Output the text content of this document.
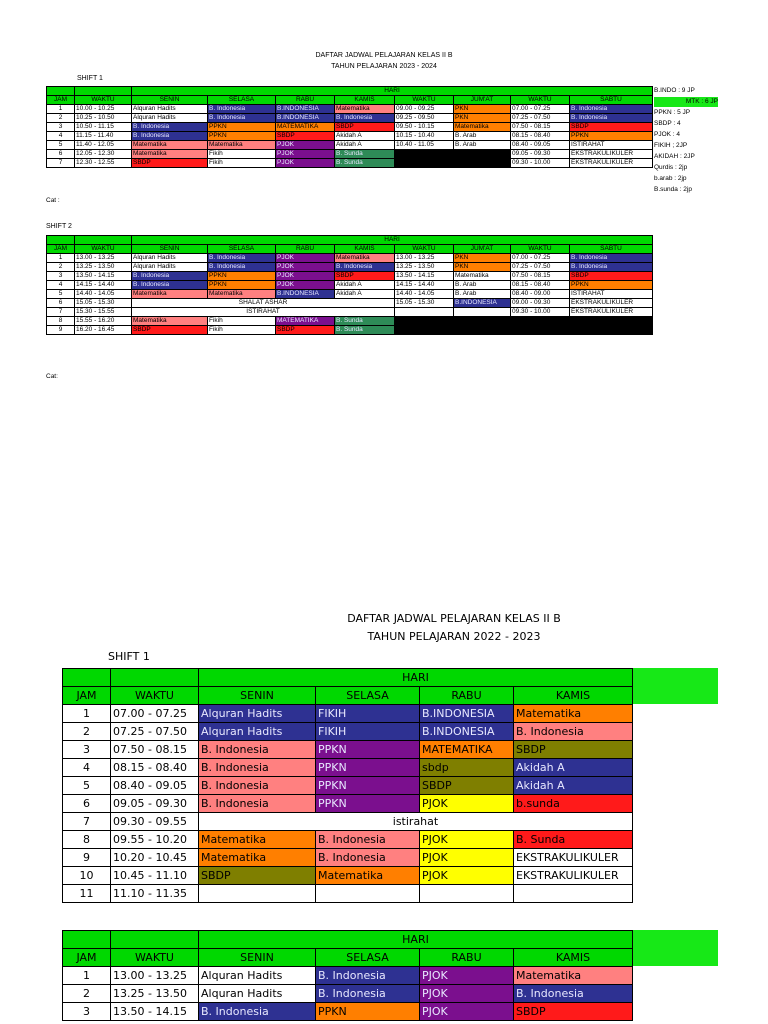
DAFTAR JADWAL PELAJARAN KELAS II B
TAHUN PELAJARAN 2023 - 2024
SHIFT 1
		HARI							
JAM	WAKTU	SENIN	SELASA	RABU	KAMIS	WAKTU	JUM'AT	WAKTU	SABTU
1	10.00 - 10.25	Alquran Hadits	B. Indonesia	B.INDONESIA	Matematika	09.00 - 09.25	PKN	07.00 - 07.25	B. Indonesia
2	10.25 - 10.50	Alquran Hadits	B. Indonesia	B.INDONESIA	B. Indonesia	09.25 - 09.50	PKN	07.25 - 07.50	B. Indonesia
3	10.50 - 11.15	B. Indonesia	PPKN	MATEMATIKA	SBDP	09.50 - 10.15	Matematika	07.50 - 08.15	SBDP
4	11.15 - 11.40	B. Indonesia	PPKN	SBDP	Akidah A	10.15 - 10.40	B. Arab	08.15 - 08.40	PPKN
5	11.40 - 12.05	Matematika	Matematika	PJOK	Akidah A	10.40 - 11.05	B. Arab	08.40 - 09.05	ISTIRAHAT
6	12.05 - 12.30	Matematika	Fikih	PJOK	B. Sunda			09.05 - 09.30	EKSTRAKULIKULER
7	12.30 - 12.55	SBDP	Fikih	PJOK	B. Sunda			09.30 - 10.00	EKSTRAKULIKULER
Cat :
B.INDO : 9 JP
MTK : 6 JP
PPKN : 5 JP
SBDP : 4
PJOK : 4
FIKIH ; 2JP
AKIDAH : 2JP
Qurdis : 2jp
b.arab : 2jp
B.sunda : 2jp
SHIFT 2
		HARI							
JAM	WAKTU	SENIN	SELASA	RABU	KAMIS	WAKTU	JUM'AT	WAKTU	SABTU
1	13.00 - 13.25	Alquran Hadits	B. Indonesia	PJOK	Matematika	13.00 - 13.25	PKN	07.00 - 07.25	B. Indonesia
2	13.25 - 13.50	Alquran Hadits	B. Indonesia	PJOK	B. Indonesia	13.25 - 13.50	PKN	07.25 - 07.50	B. Indonesia
3	13.50 - 14.15	B. Indonesia	PPKN	PJOK	SBDP	13.50 - 14.15	Matematika	07.50 - 08.15	SBDP
4	14.15 - 14.40	B. Indonesia	PPKN	PJOK	Akidah A	14.15 - 14.40	B. Arab	08.15 - 08.40	PPKN
5	14.40 - 14.05	Matematika	Matematika	B.INDONESIA	Akidah A	14.40 - 14.05	B. Arab	08.40 - 09.00	ISTIRAHAT
6	15.05 - 15.30	SHALAT ASHAR				15.05 - 15.30	B.INDONESIA	09.00 - 09.30	EKSTRAKULIKULER
7	15.30 - 15.55	ISTIRAHAT						09.30 - 10.00	EKSTRAKULIKULER
8	15.55 - 16.20	Matematika	Fikih	MATEMATIKA	B. Sunda				
9	16.20 - 16.45	SBDP	Fikih	SBDP	B. Sunda				
Cat:
DAFTAR JADWAL PELAJARAN KELAS II B
TAHUN PELAJARAN 2022 - 2023
SHIFT 1
		HARI			
JAM	WAKTU	SENIN	SELASA	RABU	KAMIS
1	07.00 - 07.25	Alquran Hadits	FIKIH	B.INDONESIA	Matematika
2	07.25 - 07.50	Alquran Hadits	FIKIH	B.INDONESIA	B. Indonesia
3	07.50 - 08.15	B. Indonesia	PPKN	MATEMATIKA	SBDP
4	08.15 - 08.40	B. Indonesia	PPKN	sbdp	Akidah A
5	08.40 - 09.05	B. Indonesia	PPKN	SBDP	Akidah A
6	09.05 - 09.30	B. Indonesia	PPKN	PJOK	b.sunda
7	09.30 - 09.55	istirahat			
8	09.55 - 10.20	Matematika	B. Indonesia	PJOK	B. Sunda
9	10.20 - 10.45	Matematika	B. Indonesia	PJOK	EKSTRAKULIKULER
10	10.45 - 11.10	SBDP	Matematika	PJOK	EKSTRAKULIKULER
11	11.10 - 11.35				
		HARI			
JAM	WAKTU	SENIN	SELASA	RABU	KAMIS
1	13.00 - 13.25	Alquran Hadits	B. Indonesia	PJOK	Matematika
2	13.25 - 13.50	Alquran Hadits	B. Indonesia	PJOK	B. Indonesia
3	13.50 - 14.15	B. Indonesia	PPKN	PJOK	SBDP
